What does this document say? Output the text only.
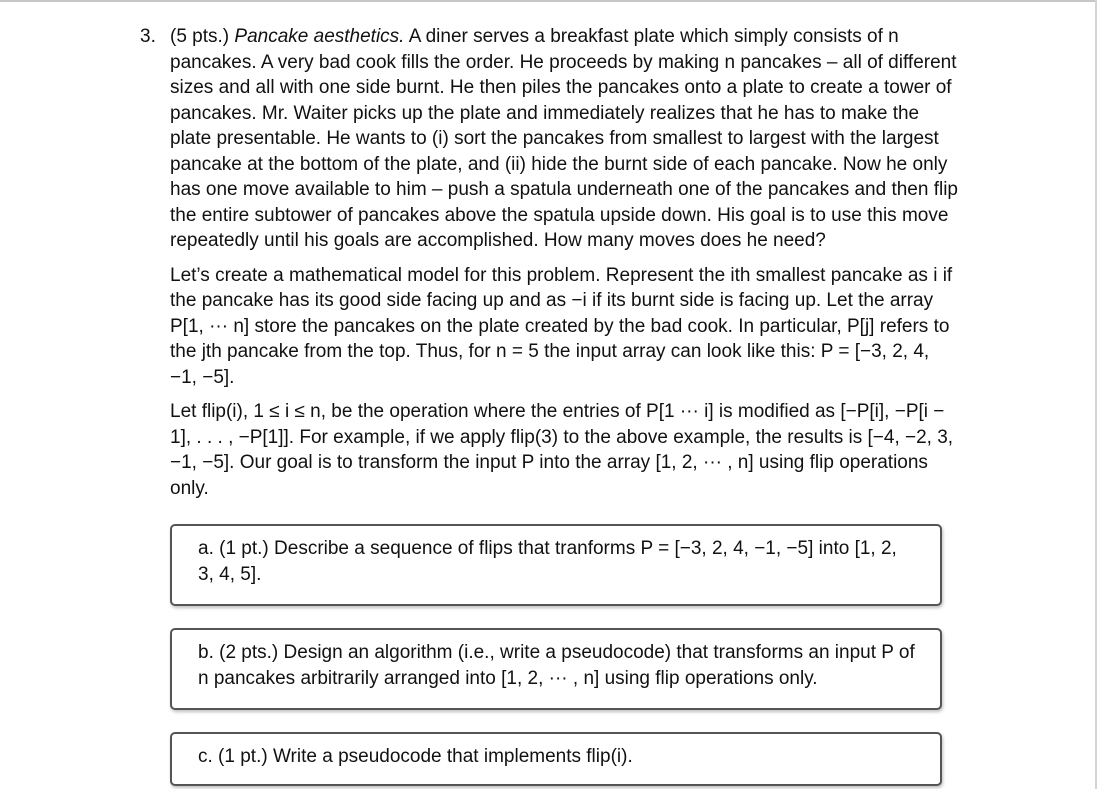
3. (5 pts.) Pancake aesthetics. A diner serves a breakfast plate which simply consists of n pancakes. A very bad cook fills the order. He proceeds by making n pancakes – all of different sizes and all with one side burnt. He then piles the pancakes onto a plate to create a tower of pancakes. Mr. Waiter picks up the plate and immediately realizes that he has to make the plate presentable. He wants to (i) sort the pancakes from smallest to largest with the largest pancake at the bottom of the plate, and (ii) hide the burnt side of each pancake. Now he only has one move available to him – push a spatula underneath one of the pancakes and then flip the entire subtower of pancakes above the spatula upside down. His goal is to use this move repeatedly until his goals are accomplished. How many moves does he need?

Let’s create a mathematical model for this problem. Represent the ith smallest pancake as i if the pancake has its good side facing up and as −i if its burnt side is facing up. Let the array P[1, ··· n] store the pancakes on the plate created by the bad cook. In particular, P[j] refers to the jth pancake from the top. Thus, for n = 5 the input array can look like this: P = [−3, 2, 4, −1, −5].

Let flip(i), 1 ≤ i ≤ n, be the operation where the entries of P[1 ··· i] is modified as [−P[i], −P[i − 1], . . . , −P[1]]. For example, if we apply flip(3) to the above example, the results is [−4, −2, 3, −1, −5]. Our goal is to transform the input P into the array [1, 2, ··· , n] using flip operations only.

a. (1 pt.) Describe a sequence of flips that tranforms P = [−3, 2, 4, −1, −5] into [1, 2, 3, 4, 5].

b. (2 pts.) Design an algorithm (i.e., write a pseudocode) that transforms an input P of n pancakes arbitrarily arranged into [1, 2, ··· , n] using flip operations only.

c. (1 pt.) Write a pseudocode that implements flip(i).
